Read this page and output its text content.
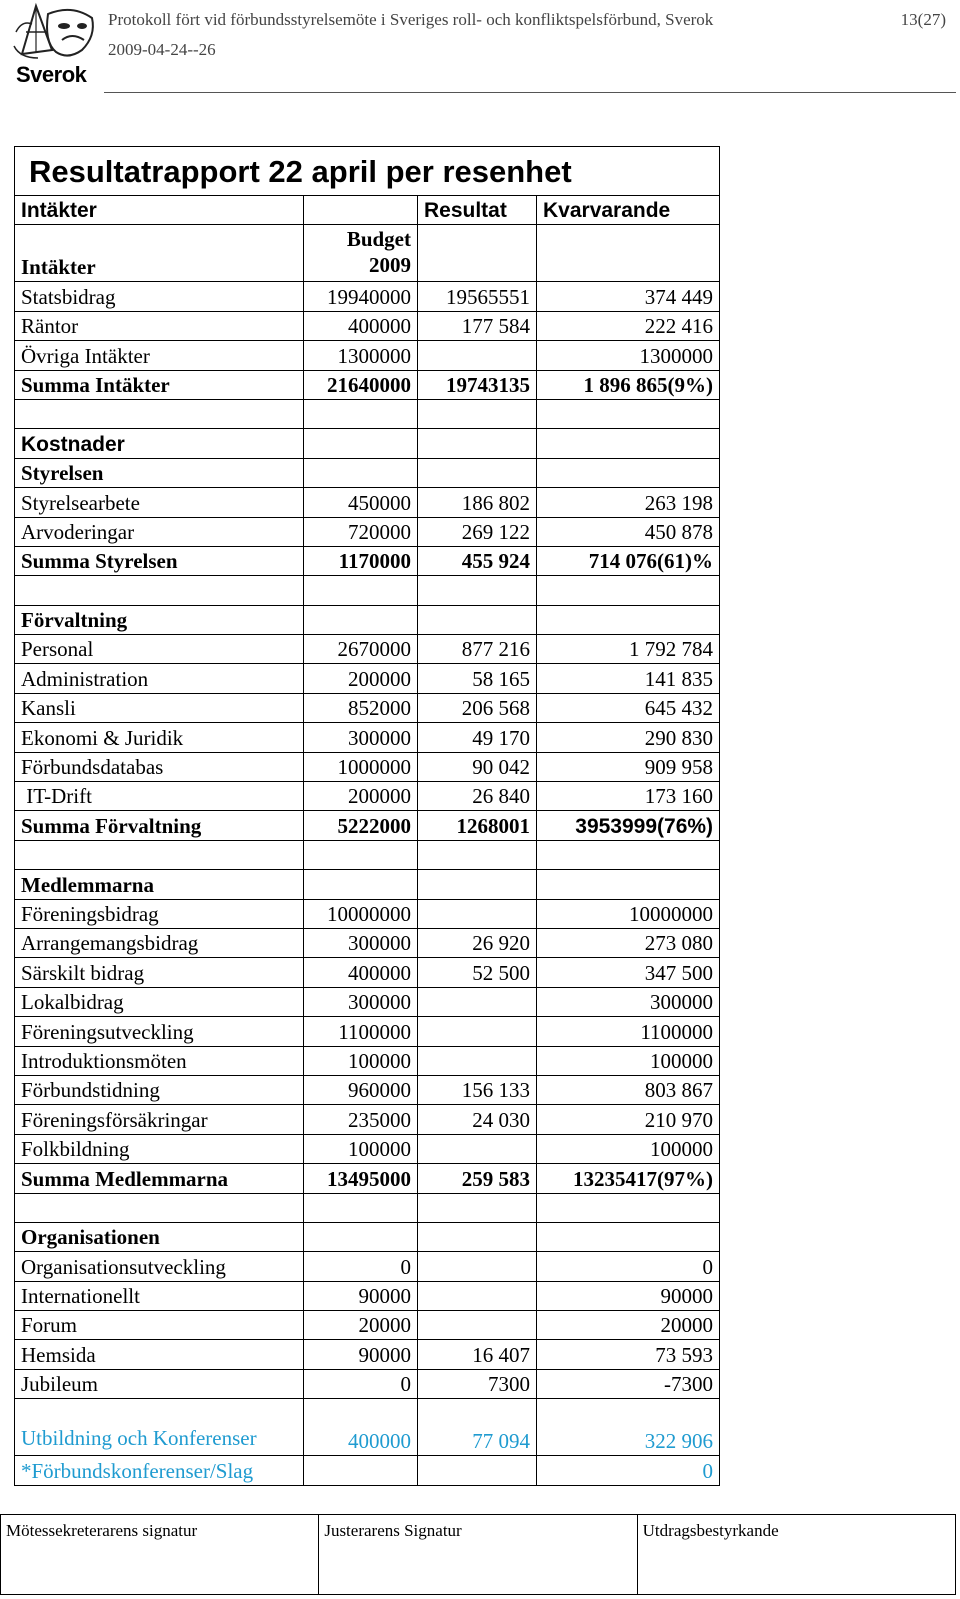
Sverok
Protokoll fört vid förbundsstyrelsemöte i Sveriges roll- och konfliktspelsförbund, Sverok
2009-04-24--26
13(27)
Resultatrapport 22 april per resenhet			
Intäkter		Resultat	Kvarvarande
Intäkter	Budget
2009		

Statsbidrag	19940000	19565551	374 449
Räntor	400000	177 584	222 416
Övriga Intäkter	1300000		1300000
Summa Intäkter	21640000	19743135	1 896 865(9%)

Kostnader			
Styrelsen			
Styrelsearbete	450000	186 802	263 198
Arvoderingar	720000	269 122	450 878
Summa Styrelsen	1170000	455 924	714 076(61)%

Förvaltning			
Personal	2670000	877 216	1 792 784
Administration	200000	58 165	141 835
Kansli	852000	206 568	645 432
Ekonomi & Juridik	300000	49 170	290 830
Förbundsdatabas	1000000	90 042	909 958
IT-Drift	200000	26 840	173 160
Summa Förvaltning	5222000	1268001	3953999(76%)

Medlemmarna			
Föreningsbidrag	10000000		10000000
Arrangemangsbidrag	300000	26 920	273 080
Särskilt bidrag	400000	52 500	347 500
Lokalbidrag	300000		300000
Föreningsutveckling	1100000		1100000
Introduktionsmöten	100000		100000
Förbundstidning	960000	156 133	803 867
Föreningsförsäkringar	235000	24 030	210 970
Folkbildning	100000		100000
Summa Medlemmarna	13495000	259 583	13235417(97%)

Organisationen			
Organisationsutveckling	0		0
Internationellt	90000		90000
Forum	20000		20000
Hemsida	90000	16 407	73 593
Jubileum	0	7300	-7300
Utbildning och Konferenser	400000	77 094	322 906
*Förbundskonferenser/Slag			0
Mötessekreterarens signatur	Justerarens Signatur	Utdragsbestyrkande
